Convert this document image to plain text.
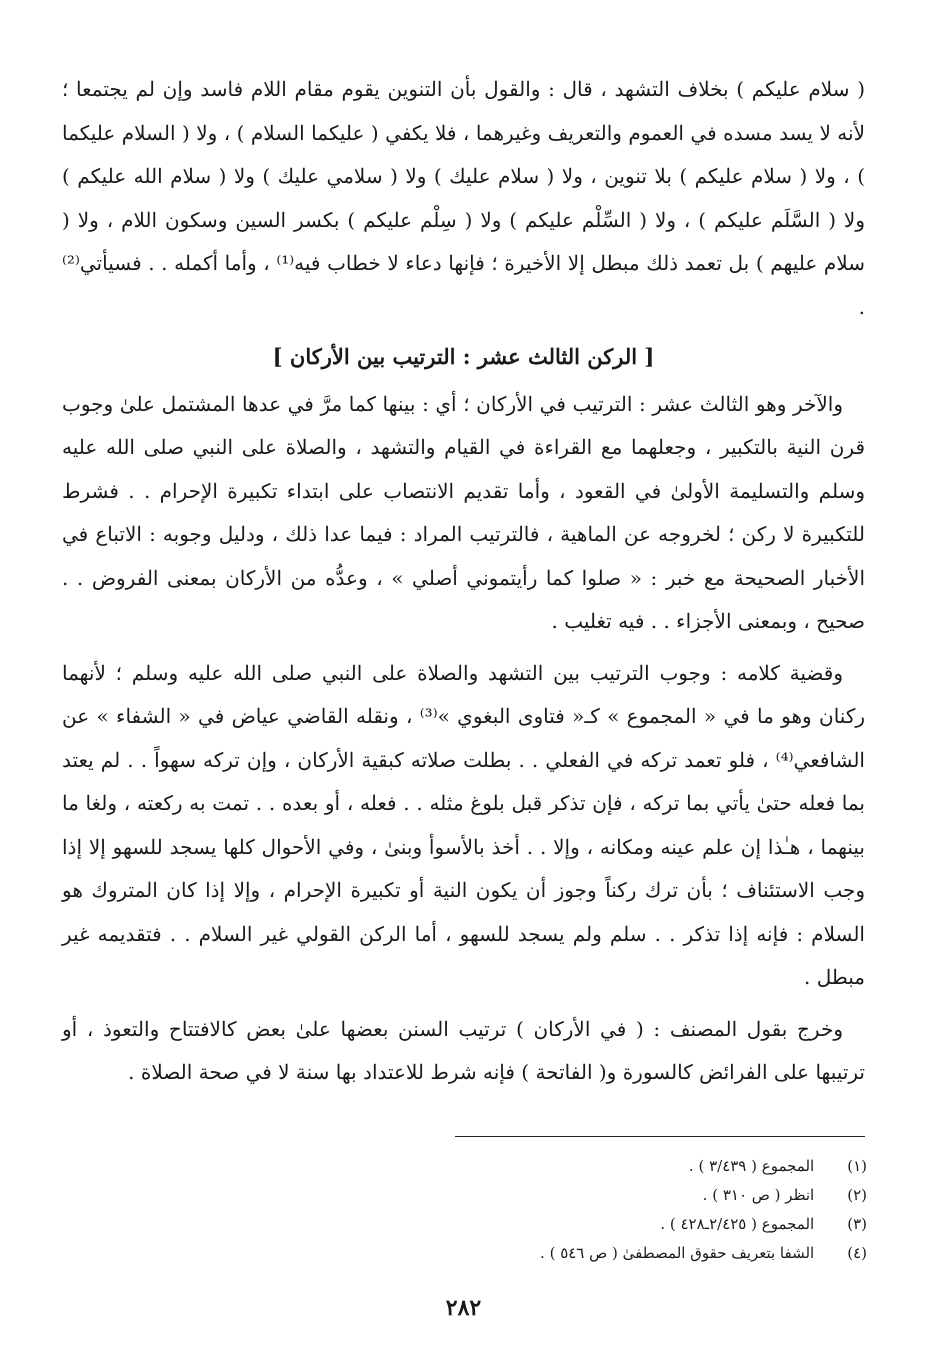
( سلام عليكم ) بخلاف التشهد ، قال : والقول بأن التنوين يقوم مقام اللام فاسد وإن لم يجتمعا ؛ لأنه لا يسد مسده في العموم والتعريف وغيرهما ، فلا يكفي ( عليكما السلام ) ، ولا ( السلام عليكما ) ، ولا ( سلام عليكم ) بلا تنوين ، ولا ( سلام عليك ) ولا ( سلامي عليك ) ولا ( سلام الله عليكم ) ولا ( السَّلَم عليكم ) ، ولا ( السِّلْم عليكم ) ولا ( سِلْم عليكم ) بكسر السين وسكون اللام ، ولا ( سلام عليهم ) بل تعمد ذلك مبطل إلا الأخيرة ؛ فإنها دعاء لا خطاب فيه⁽¹⁾ ، وأما أكمله . . فسيأتي⁽²⁾ .

[ الركن الثالث عشر : الترتيب بين الأركان ]

والآخر وهو الثالث عشر : الترتيب في الأركان ؛ أي : بينها كما مرَّ في عدها المشتمل علىٰ وجوب قرن النية بالتكبير ، وجعلهما مع القراءة في القيام والتشهد ، والصلاة على النبي صلى الله عليه وسلم والتسليمة الأولىٰ في القعود ، وأما تقديم الانتصاب على ابتداء تكبيرة الإحرام . . فشرط للتكبيرة لا ركن ؛ لخروجه عن الماهية ، فالترتيب المراد : فيما عدا ذلك ، ودليل وجوبه : الاتباع في الأخبار الصحيحة مع خبر : « صلوا كما رأيتموني أصلي » ، وعدُّه من الأركان بمعنى الفروض . . صحيح ، وبمعنى الأجزاء . . فيه تغليب .

وقضية كلامه : وجوب الترتيب بين التشهد والصلاة على النبي صلى الله عليه وسلم ؛ لأنهما ركنان وهو ما في « المجموع » كـ« فتاوى البغوي »⁽³⁾ ، ونقله القاضي عياض في « الشفاء » عن الشافعي⁽⁴⁾ ، فلو تعمد تركه في الفعلي . . بطلت صلاته كبقية الأركان ، وإن تركه سهواً . . لم يعتد بما فعله حتىٰ يأتي بما تركه ، فإن تذكر قبل بلوغ مثله . . فعله ، أو بعده . . تمت به ركعته ، ولغا ما بينهما ، هـٰذا إن علم عينه ومكانه ، وإلا . . أخذ بالأسوأ وبنىٰ ، وفي الأحوال كلها يسجد للسهو إلا إذا وجب الاستئناف ؛ بأن ترك ركناً وجوز أن يكون النية أو تكبيرة الإحرام ، وإلا إذا كان المتروك هو السلام : فإنه إذا تذكر . . سلم ولم يسجد للسهو ، أما الركن القولي غير السلام . . فتقديمه غير مبطل .

وخرج بقول المصنف : ( في الأركان ) ترتيب السنن بعضها علىٰ بعض كالافتتاح والتعوذ ، أو ترتيبها على الفرائض كالسورة و( الفاتحة ) فإنه شرط للاعتداد بها سنة لا في صحة الصلاة .

(١) المجموع ( ٣/٤٣٩ ) .
(٢) انظر ( ص ٣١٠ ) .
(٣) المجموع ( ٢/٤٢٥ـ٤٢٨ ) .
(٤) الشفا بتعريف حقوق المصطفىٰ ( ص ٥٤٦ ) .
٢٨٢
